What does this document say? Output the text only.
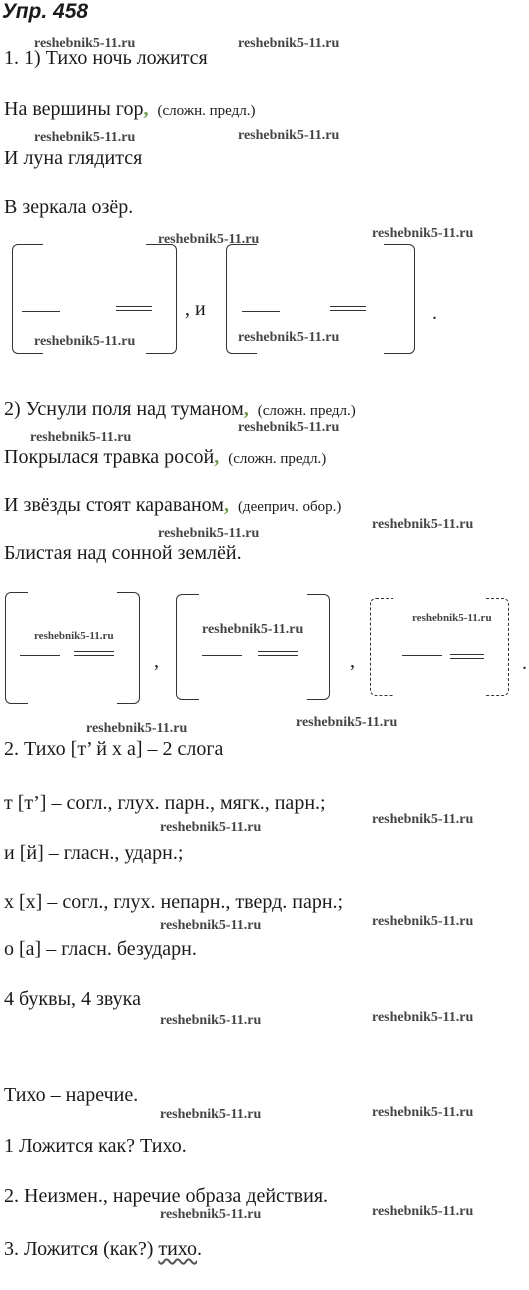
Упр. 458
reshebnik5-11.ru	reshebnik5-11.ru
reshebnik5-11.ru	reshebnik5-11.ru
reshebnik5-11.ru	reshebnik5-11.ru
reshebnik5-11.ru	reshebnik5-11.ru
reshebnik5-11.ru
reshebnik5-11.ru
reshebnik5-11.ru
reshebnik5-11.ru
reshebnik5-11.ru	reshebnik5-11.ru
reshebnik5-11.ru
reshebnik5-11.ru	reshebnik5-11.ru
reshebnik5-11.ru
reshebnik5-11.ru
reshebnik5-11.ru	reshebnik5-11.ru
reshebnik5-11.ru	reshebnik5-11.ru
reshebnik5-11.ru	reshebnik5-11.ru
reshebnik5-11.ru	reshebnik5-11.ru
1. 1) Тихо ночь ложится
На вершины гор, (сложн. предл.)
И луна глядится
В зеркала озёр.
, и	.
2) Уснули поля над туманом, (сложн. предл.)
Покрылася травка росой, (сложн. предл.)
И звёзды стоят караваном, (дееприч. обор.)
Блистая над сонной землёй.
,	,	.
2. Тихо [т’ й х а] – 2 слога
т [т’] – согл., глух. парн., мягк., парн.;
и [й] – гласн., ударн.;
х [х] – согл., глух. непарн., тверд. парн.;
о [а] – гласн. безударн.
4 буквы, 4 звука
Тихо – наречие.
1 Ложится как? Тихо.
2. Неизмен., наречие образа действия.
3. Ложится (как?) тихо.
